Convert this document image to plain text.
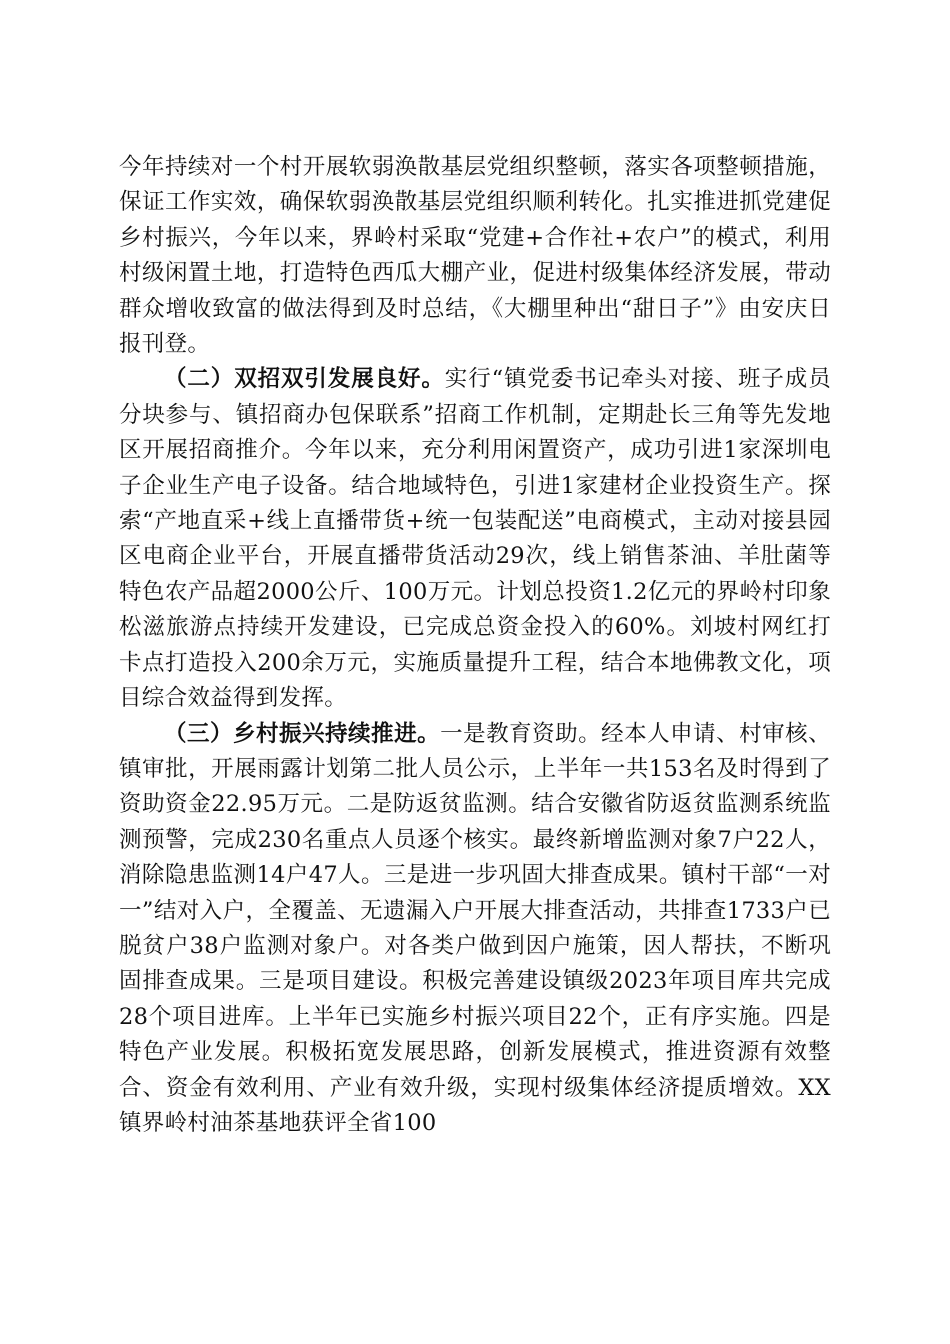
今年持续对一个村开展软弱涣散基层党组织整顿，落实各项整顿措施，保证工作实效，确保软弱涣散基层党组织顺利转化。扎实推进抓党建促乡村振兴，今年以来，界岭村采取“党建+合作社+农户”的模式，利用村级闲置土地，打造特色西瓜大棚产业，促进村级集体经济发展，带动群众增收致富的做法得到及时总结，《大棚里种出“甜日子”》由安庆日报刊登。

（二）双招双引发展良好。实行“镇党委书记牵头对接、班子成员分块参与、镇招商办包保联系”招商工作机制，定期赴长三角等先发地区开展招商推介。今年以来，充分利用闲置资产，成功引进1家深圳电子企业生产电子设备。结合地域特色，引进1家建材企业投资生产。探索“产地直采+线上直播带货+统一包装配送”电商模式，主动对接县园区电商企业平台，开展直播带货活动29次，线上销售茶油、羊肚菌等特色农产品超2000公斤、100万元。计划总投资1.2亿元的界岭村印象松滋旅游点持续开发建设，已完成总资金投入的60%。刘坡村网红打卡点打造投入200余万元，实施质量提升工程，结合本地佛教文化，项目综合效益得到发挥。

（三）乡村振兴持续推进。一是教育资助。经本人申请、村审核、镇审批，开展雨露计划第二批人员公示，上半年一共153名及时得到了资助资金22.95万元。二是防返贫监测。结合安徽省防返贫监测系统监测预警，完成230名重点人员逐个核实。最终新增监测对象7户22人，消除隐患监测14户47人。三是进一步巩固大排查成果。镇村干部“一对一”结对入户，全覆盖、无遗漏入户开展大排查活动，共排查1733户已脱贫户38户监测对象户。对各类户做到因户施策，因人帮扶，不断巩固排查成果。三是项目建设。积极完善建设镇级2023年项目库共完成28个项目进库。上半年已实施乡村振兴项目22个，正有序实施。四是特色产业发展。积极拓宽发展思路，创新发展模式，推进资源有效整合、资金有效利用、产业有效升级，实现村级集体经济提质增效。XX镇界岭村油茶基地获评全省100
